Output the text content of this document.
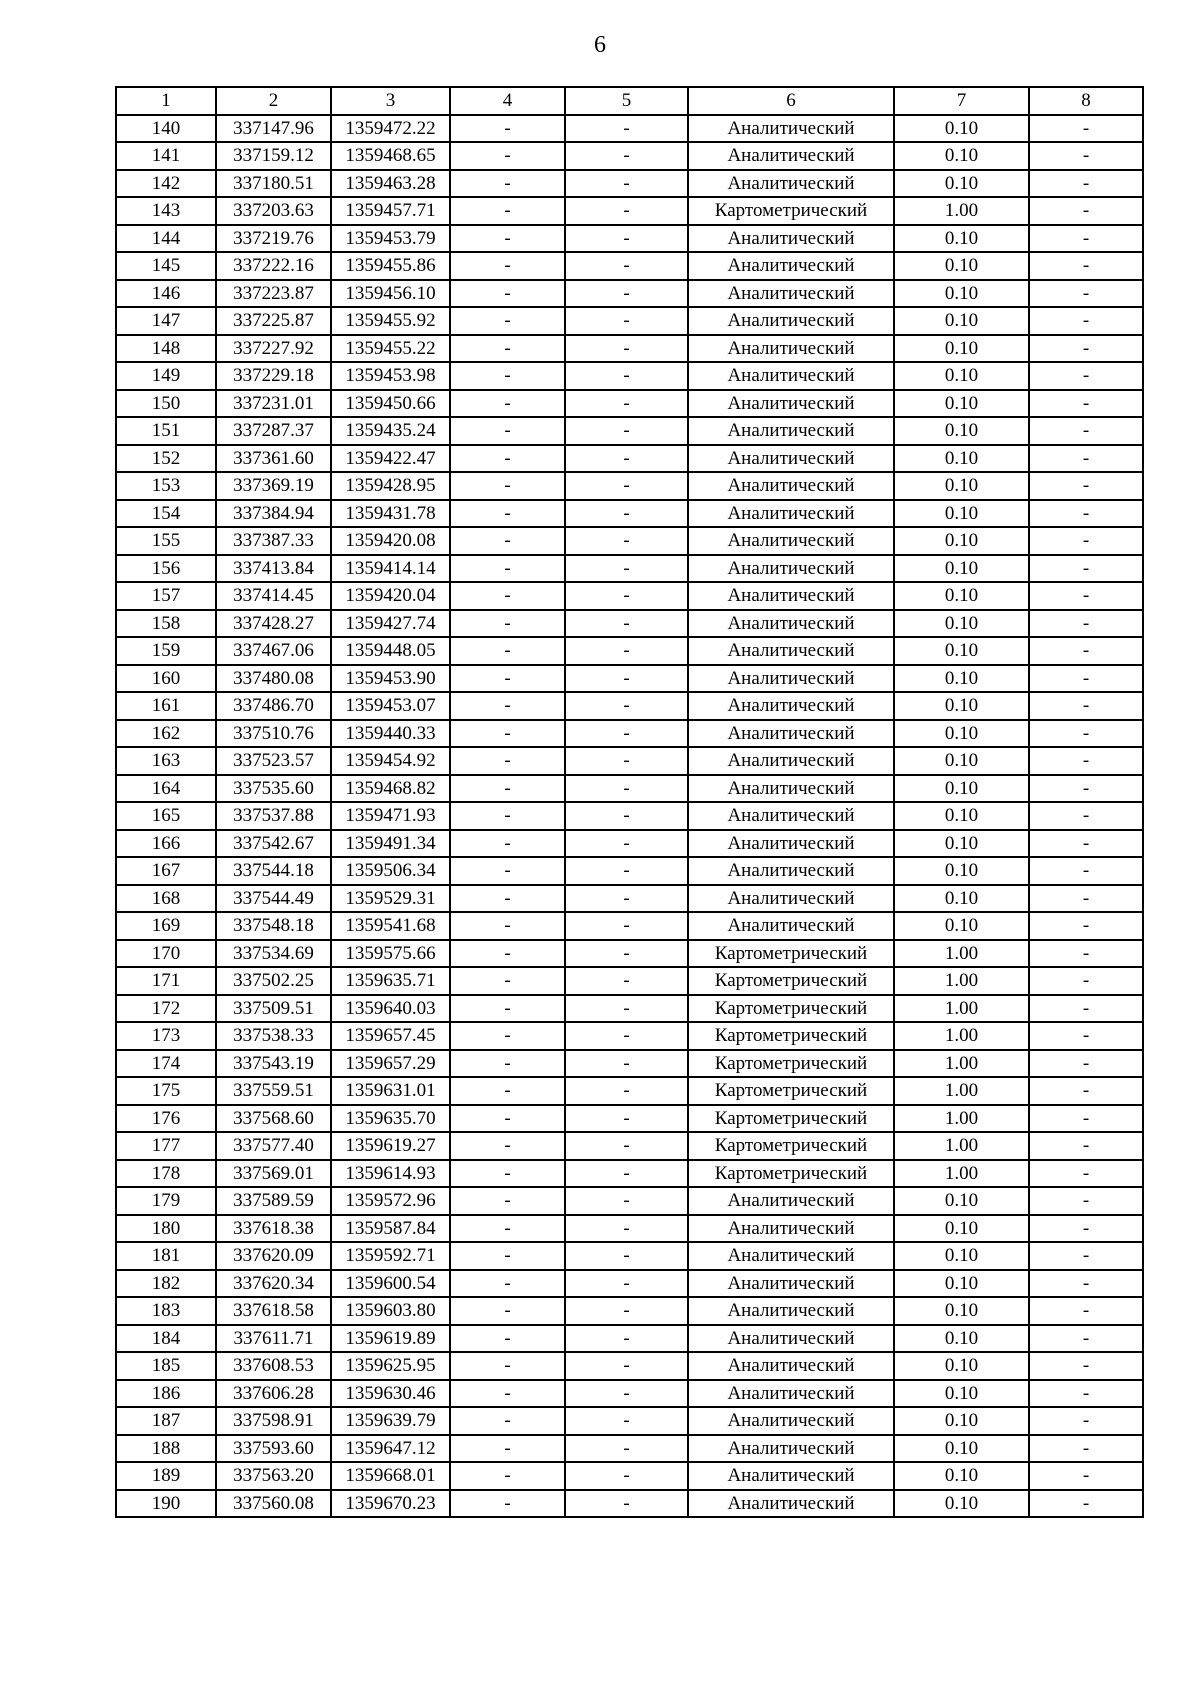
6
1	2	3	4	5	6	7	8
140	337147.96	1359472.22	-	-	Аналитический	0.10	-
141	337159.12	1359468.65	-	-	Аналитический	0.10	-
142	337180.51	1359463.28	-	-	Аналитический	0.10	-
143	337203.63	1359457.71	-	-	Картометрический	1.00	-
144	337219.76	1359453.79	-	-	Аналитический	0.10	-
145	337222.16	1359455.86	-	-	Аналитический	0.10	-
146	337223.87	1359456.10	-	-	Аналитический	0.10	-
147	337225.87	1359455.92	-	-	Аналитический	0.10	-
148	337227.92	1359455.22	-	-	Аналитический	0.10	-
149	337229.18	1359453.98	-	-	Аналитический	0.10	-
150	337231.01	1359450.66	-	-	Аналитический	0.10	-
151	337287.37	1359435.24	-	-	Аналитический	0.10	-
152	337361.60	1359422.47	-	-	Аналитический	0.10	-
153	337369.19	1359428.95	-	-	Аналитический	0.10	-
154	337384.94	1359431.78	-	-	Аналитический	0.10	-
155	337387.33	1359420.08	-	-	Аналитический	0.10	-
156	337413.84	1359414.14	-	-	Аналитический	0.10	-
157	337414.45	1359420.04	-	-	Аналитический	0.10	-
158	337428.27	1359427.74	-	-	Аналитический	0.10	-
159	337467.06	1359448.05	-	-	Аналитический	0.10	-
160	337480.08	1359453.90	-	-	Аналитический	0.10	-
161	337486.70	1359453.07	-	-	Аналитический	0.10	-
162	337510.76	1359440.33	-	-	Аналитический	0.10	-
163	337523.57	1359454.92	-	-	Аналитический	0.10	-
164	337535.60	1359468.82	-	-	Аналитический	0.10	-
165	337537.88	1359471.93	-	-	Аналитический	0.10	-
166	337542.67	1359491.34	-	-	Аналитический	0.10	-
167	337544.18	1359506.34	-	-	Аналитический	0.10	-
168	337544.49	1359529.31	-	-	Аналитический	0.10	-
169	337548.18	1359541.68	-	-	Аналитический	0.10	-
170	337534.69	1359575.66	-	-	Картометрический	1.00	-
171	337502.25	1359635.71	-	-	Картометрический	1.00	-
172	337509.51	1359640.03	-	-	Картометрический	1.00	-
173	337538.33	1359657.45	-	-	Картометрический	1.00	-
174	337543.19	1359657.29	-	-	Картометрический	1.00	-
175	337559.51	1359631.01	-	-	Картометрический	1.00	-
176	337568.60	1359635.70	-	-	Картометрический	1.00	-
177	337577.40	1359619.27	-	-	Картометрический	1.00	-
178	337569.01	1359614.93	-	-	Картометрический	1.00	-
179	337589.59	1359572.96	-	-	Аналитический	0.10	-
180	337618.38	1359587.84	-	-	Аналитический	0.10	-
181	337620.09	1359592.71	-	-	Аналитический	0.10	-
182	337620.34	1359600.54	-	-	Аналитический	0.10	-
183	337618.58	1359603.80	-	-	Аналитический	0.10	-
184	337611.71	1359619.89	-	-	Аналитический	0.10	-
185	337608.53	1359625.95	-	-	Аналитический	0.10	-
186	337606.28	1359630.46	-	-	Аналитический	0.10	-
187	337598.91	1359639.79	-	-	Аналитический	0.10	-
188	337593.60	1359647.12	-	-	Аналитический	0.10	-
189	337563.20	1359668.01	-	-	Аналитический	0.10	-
190	337560.08	1359670.23	-	-	Аналитический	0.10	-
